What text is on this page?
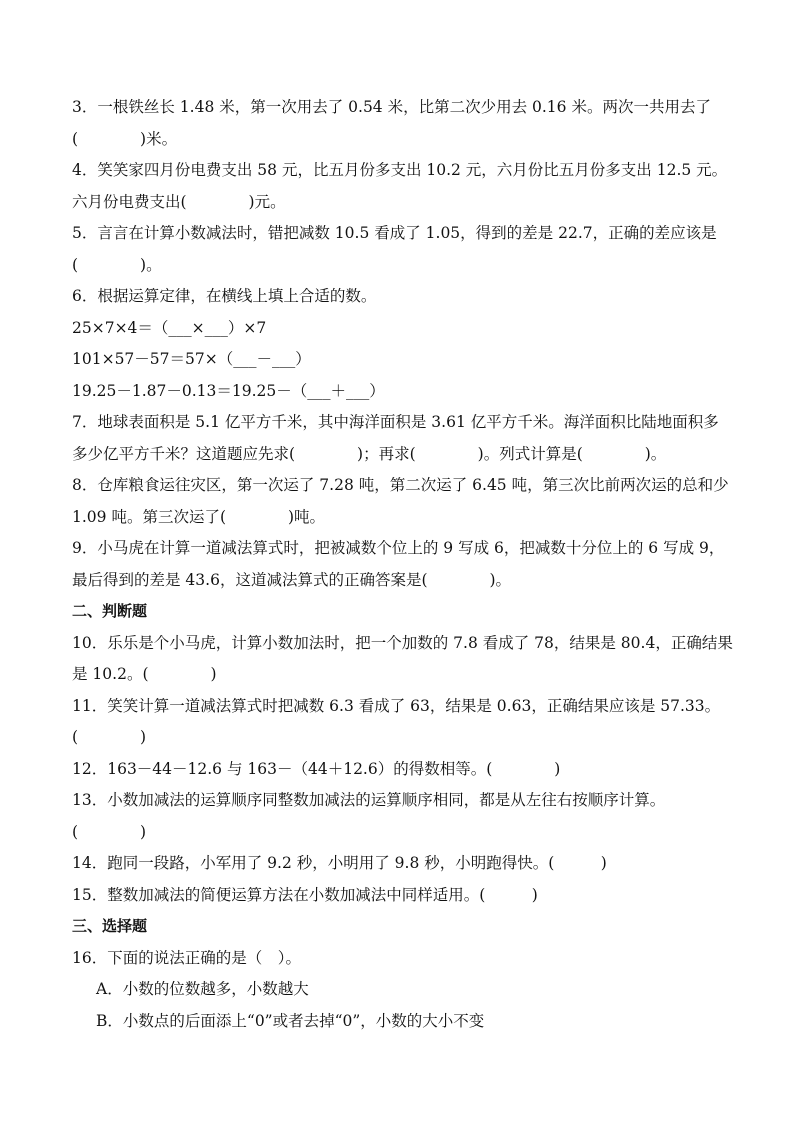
3．一根铁丝长 1.48 米，第一次用去了 0.54 米，比第二次少用去 0.16 米。两次一共用去了
(　　　　)米。
4．笑笑家四月份电费支出 58 元，比五月份多支出 10.2 元，六月份比五月份多支出 12.5 元。
六月份电费支出(　　　　)元。
5．言言在计算小数减法时，错把减数 10.5 看成了 1.05，得到的差是 22.7，正确的差应该是
(　　　　)。
6．根据运算定律，在横线上填上合适的数。
25×7×4＝（___×___）×7
101×57－57＝57×（___－___）
19.25－1.87－0.13＝19.25－（___＋___）
7．地球表面积是 5.1 亿平方千米，其中海洋面积是 3.61 亿平方千米。海洋面积比陆地面积多
多少亿平方千米？这道题应先求(　　　　)；再求(　　　　)。列式计算是(　　　　)。
8．仓库粮食运往灾区，第一次运了 7.28 吨，第二次运了 6.45 吨，第三次比前两次运的总和少
1.09 吨。第三次运了(　　　　)吨。
9．小马虎在计算一道减法算式时，把被减数个位上的 9 写成 6，把减数十分位上的 6 写成 9，
最后得到的差是 43.6，这道减法算式的正确答案是(　　　　)。
二、判断题
10．乐乐是个小马虎，计算小数加法时，把一个加数的 7.8 看成了 78，结果是 80.4，正确结果
是 10.2。(　　　　)
11．笑笑计算一道减法算式时把减数 6.3 看成了 63，结果是 0.63，正确结果应该是 57.33。
(　　　　)
12．163－44－12.6 与 163－（44＋12.6）的得数相等。(　　　　)
13．小数加减法的运算顺序同整数加减法的运算顺序相同，都是从左往右按顺序计算。
(　　　　)
14．跑同一段路，小军用了 9.2 秒，小明用了 9.8 秒，小明跑得快。(　　　)
15．整数加减法的简便运算方法在小数加减法中同样适用。(　　　)
三、选择题
16．下面的说法正确的是（　）。
A．小数的位数越多，小数越大
B．小数点的后面添上“0”或者去掉“0”，小数的大小不变
